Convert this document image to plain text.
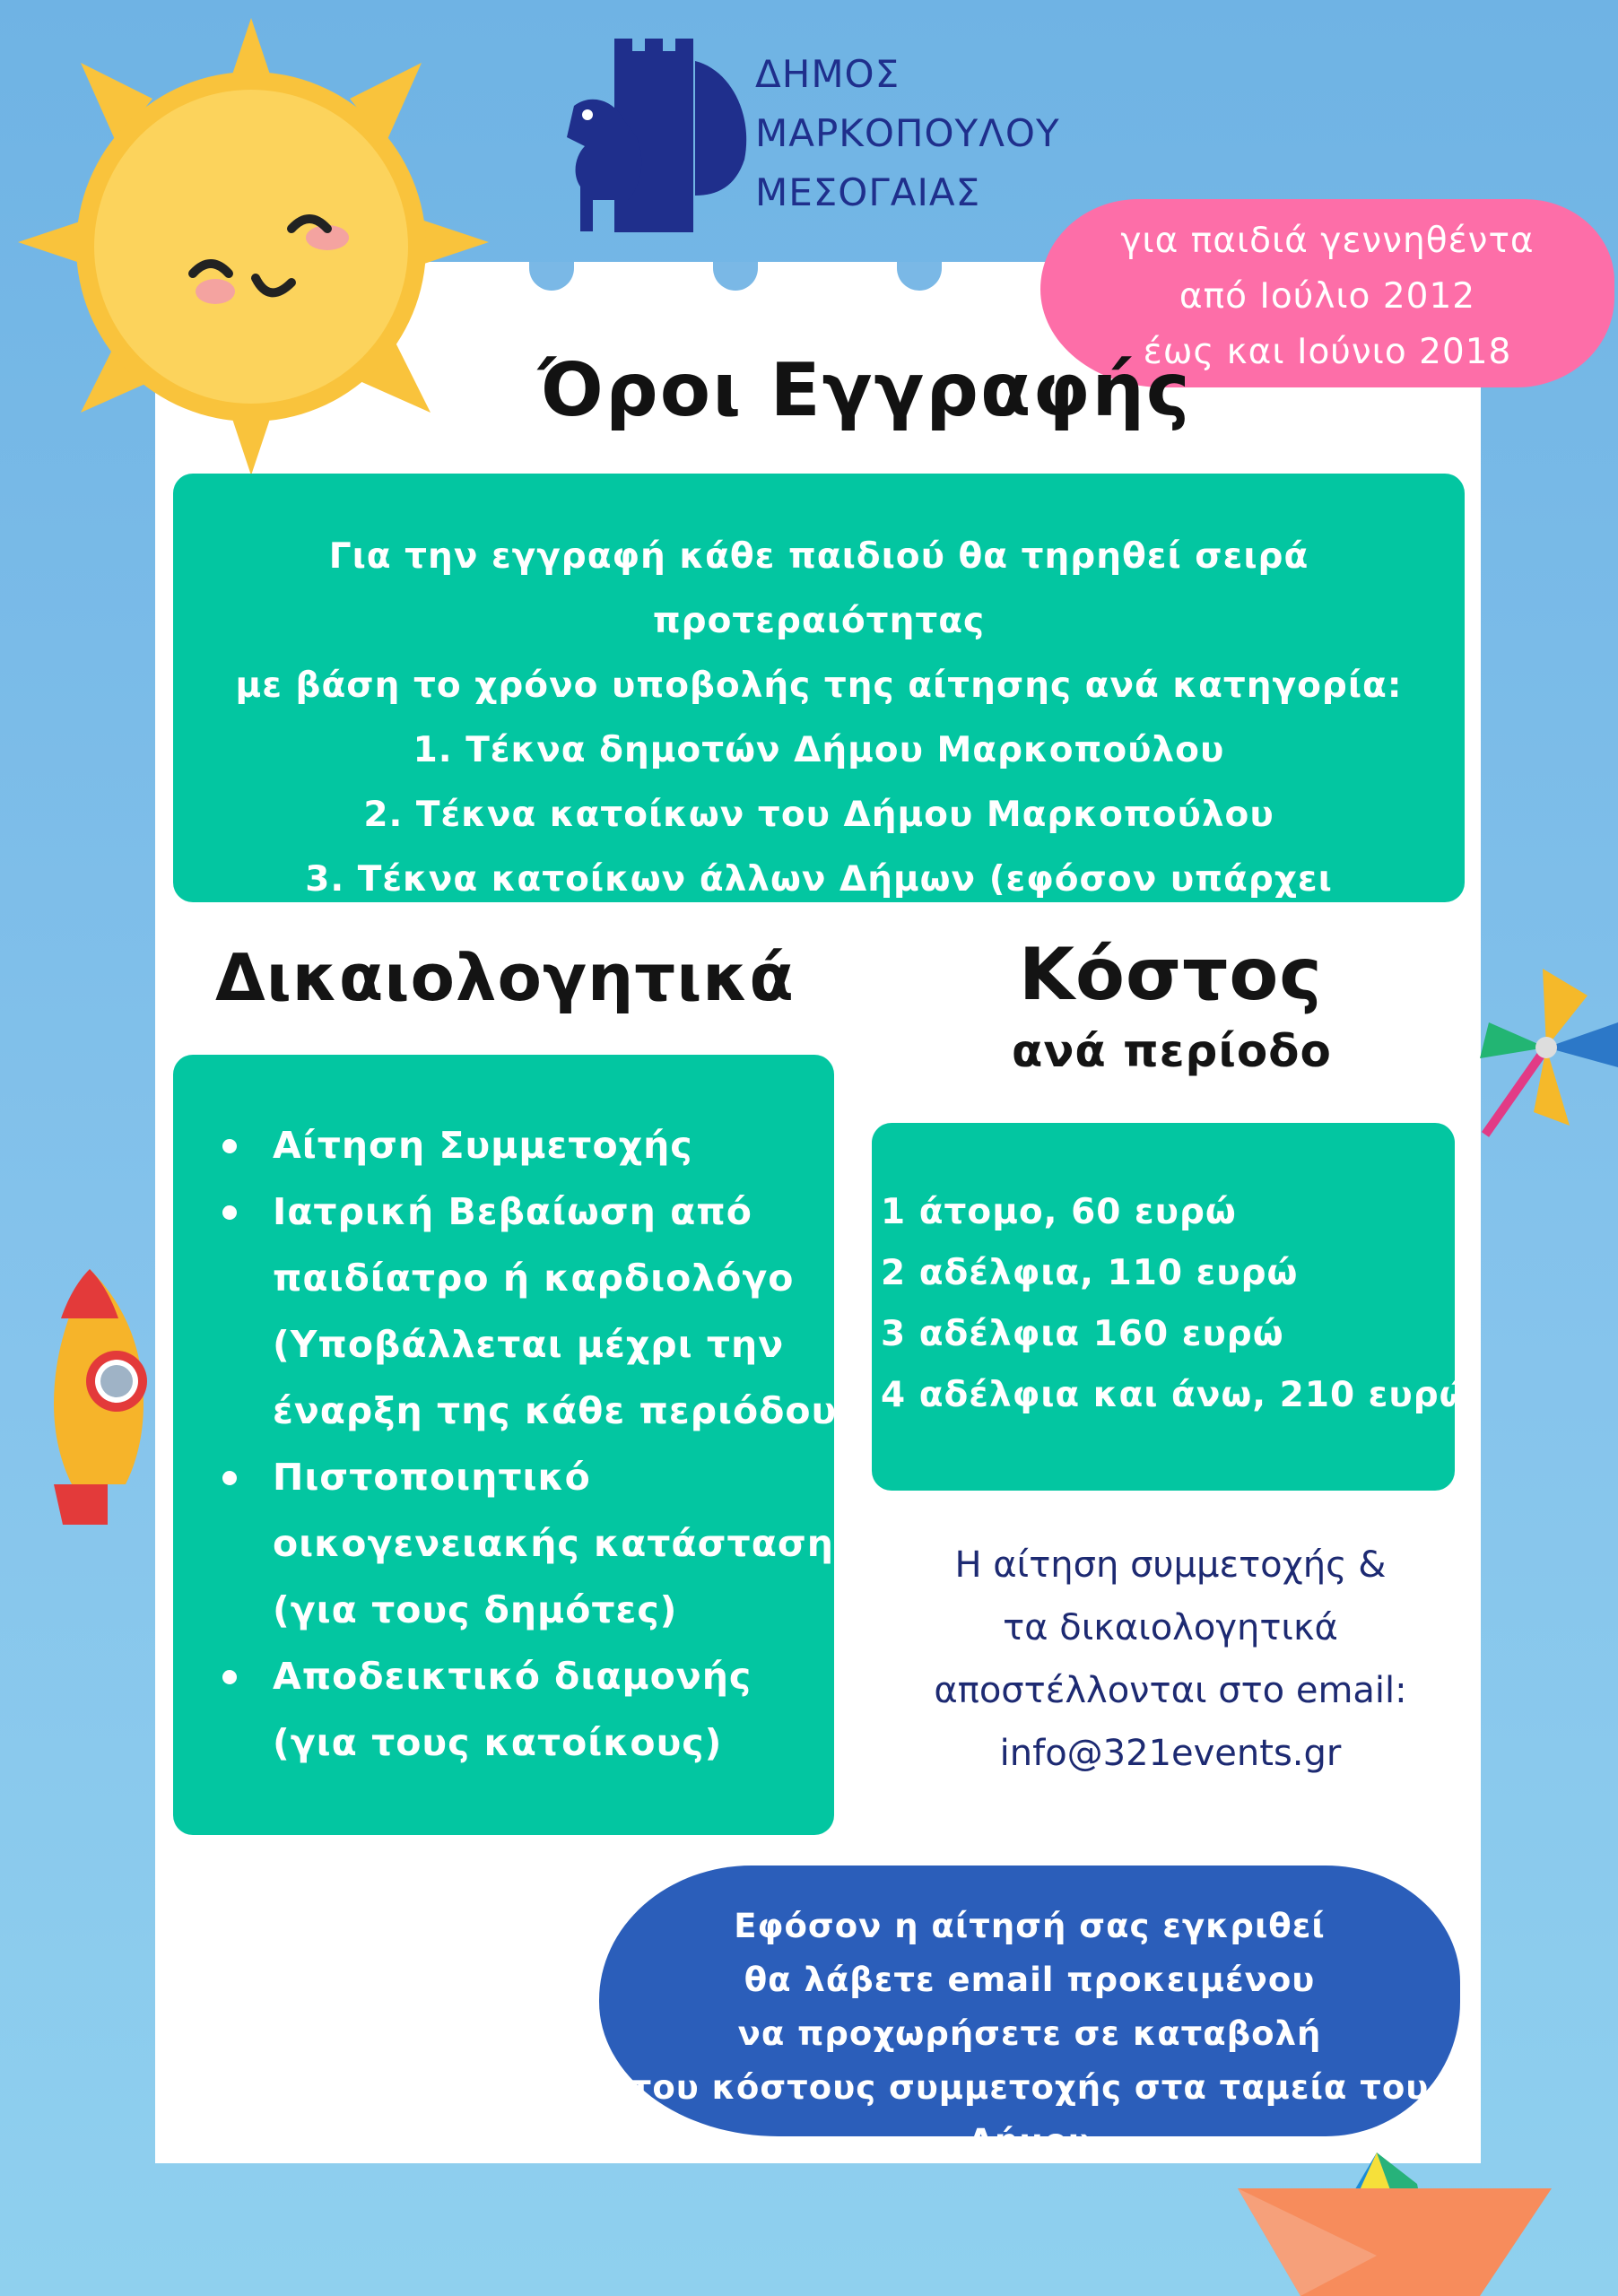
ΔΗΜΟΣ
ΜΑΡΚΟΠΟΥΛΟΥ
ΜΕΣΟΓΑΙΑΣ
για παιδιά γεννηθέντα
από Ιούλιο 2012
έως και Ιούνιο 2018
Όροι Εγγραφής
Για την εγγραφή κάθε παιδιού θα τηρηθεί σειρά προτεραιότητας
με βάση το χρόνο υποβολής της αίτησης ανά κατηγορία:
1. Τέκνα δημοτών Δήμου Μαρκοπούλου
2. Τέκνα κατοίκων του Δήμου Μαρκοπούλου
3. Τέκνα κατοίκων άλλων Δήμων (εφόσον υπάρχει διαθεσιμότητα)
Δικαιολογητικά
Αίτηση Συμμετοχής
Ιατρική Βεβαίωση από
παιδίατρο ή καρδιολόγο
(Υποβάλλεται μέχρι την
έναρξη της κάθε περιόδου)
Πιστοποιητικό
οικογενειακής κατάστασης
(για τους δημότες)
Αποδεικτικό διαμονής
(για τους κατοίκους)
Κόστος
ανά περίοδο
1 άτομο, 60 ευρώ
2 αδέλφια, 110 ευρώ
3 αδέλφια 160 ευρώ
4 αδέλφια και άνω, 210 ευρώ
Η αίτηση συμμετοχής &
τα δικαιολογητικά
αποστέλλονται στο email:
info@321events.gr
Εφόσον η αίτησή σας εγκριθεί
θα λάβετε email προκειμένου
να προχωρήσετε σε καταβολή
του κόστους συμμετοχής στα ταμεία του Δήμου
